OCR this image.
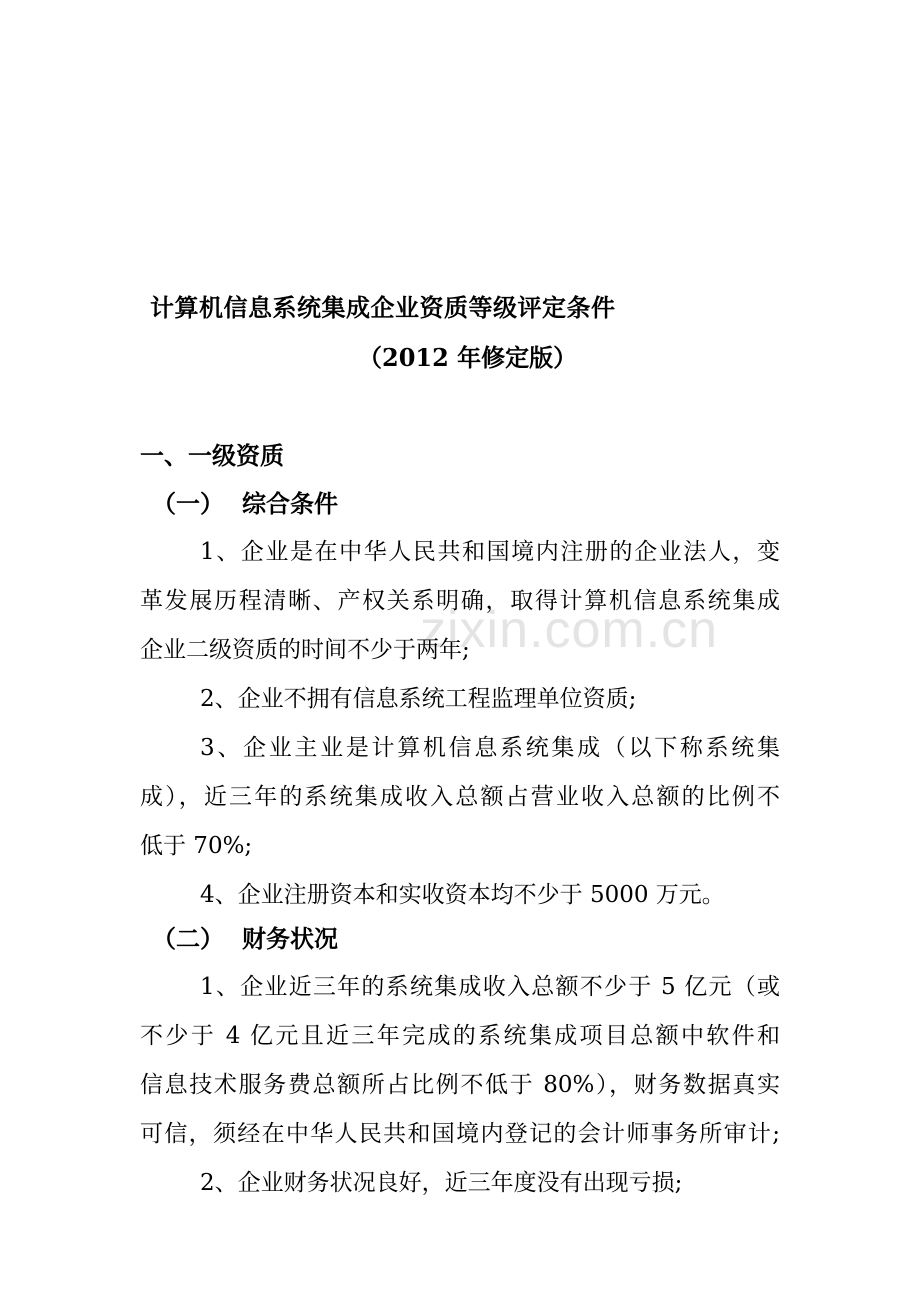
zixin.com.cn
计算机信息系统集成企业资质等级评定条件
（2012 年修定版）
一、一级资质
（一） 综合条件
1、企业是在中华人民共和国境内注册的企业法人，变
革发展历程清晰、产权关系明确，取得计算机信息系统集成
企业二级资质的时间不少于两年;
2、企业不拥有信息系统工程监理单位资质;
3、企业主业是计算机信息系统集成（以下称系统集
成），近三年的系统集成收入总额占营业收入总额的比例不
低于 70%;
4、企业注册资本和实收资本均不少于 5000 万元。
（二） 财务状况
1、企业近三年的系统集成收入总额不少于 5 亿元（或
不少于 4 亿元且近三年完成的系统集成项目总额中软件和
信息技术服务费总额所占比例不低于 80%），财务数据真实
可信，须经在中华人民共和国境内登记的会计师事务所审计;
2、企业财务状况良好，近三年度没有出现亏损;
